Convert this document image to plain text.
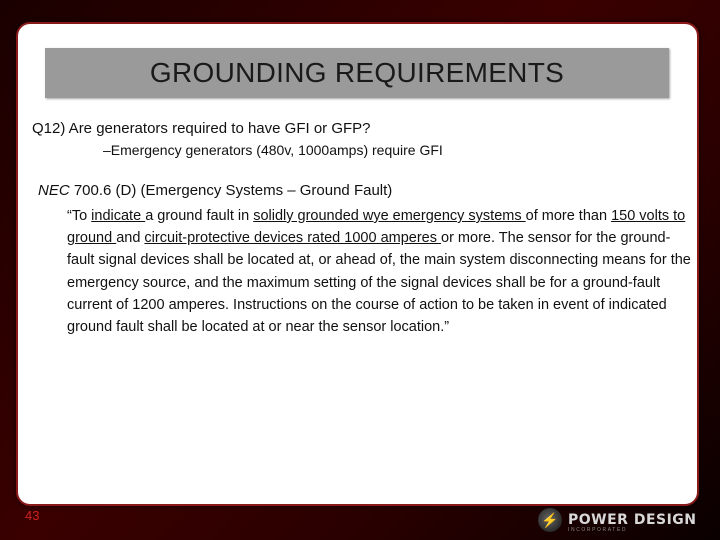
GROUNDING REQUIREMENTS
Q12) Are generators required to have GFI or GFP?
–Emergency generators (480v, 1000amps) require GFI
NEC 700.6 (D) (Emergency Systems – Ground Fault)
“To indicate a ground fault in solidly grounded wye emergency systems of more than 150 volts to ground and circuit-protective devices rated 1000 amperes or more. The sensor for the ground-fault signal devices shall be located at, or ahead of, the main system disconnecting means for the emergency source, and the maximum setting of the signal devices shall be for a ground-fault current of 1200 amperes. Instructions on the course of action to be taken in event of indicated ground fault shall be located at or near the sensor location.”
43	⚡ POWER DESIGN
INCORPORATED
